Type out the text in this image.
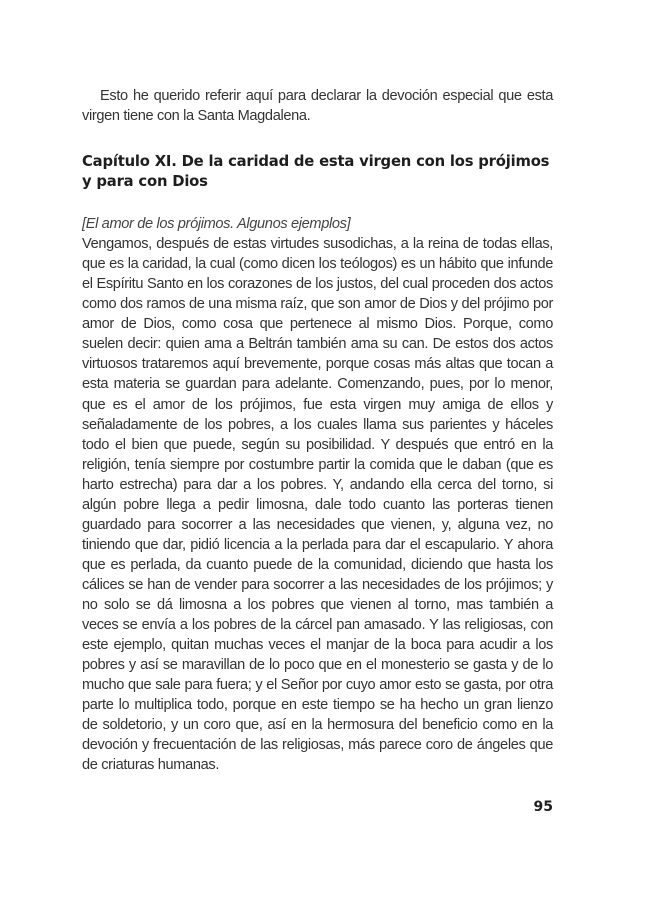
Esto he querido referir aquí para declarar la devoción especial que esta virgen tiene con la Santa Magdalena.

Capítulo XI. De la caridad de esta virgen con los prójimos y para con Dios

[El amor de los prójimos. Algunos ejemplos]

Vengamos, después de estas virtudes susodichas, a la reina de todas ellas, que es la caridad, la cual (como dicen los teólogos) es un hábito que infunde el Espíritu Santo en los corazones de los justos, del cual proceden dos actos como dos ramos de una misma raíz, que son amor de Dios y del prójimo por amor de Dios, como cosa que pertenece al mismo Dios. Porque, como suelen decir: quien ama a Beltrán también ama su can. De estos dos actos virtuosos trataremos aquí brevemente, porque cosas más altas que tocan a esta materia se guardan para adelante. Comenzando, pues, por lo menor, que es el amor de los prójimos, fue esta virgen muy amiga de ellos y señaladamente de los pobres, a los cuales llama sus parientes y háceles todo el bien que puede, según su posibilidad. Y después que entró en la religión, tenía siempre por costumbre partir la comida que le daban (que es harto estrecha) para dar a los pobres. Y, andando ella cerca del torno, si algún pobre llega a pedir limosna, dale todo cuanto las porteras tienen guardado para socorrer a las necesidades que vienen, y, alguna vez, no tiniendo que dar, pidió licencia a la perlada para dar el escapulario. Y ahora que es perlada, da cuanto puede de la comunidad, diciendo que hasta los cálices se han de vender para socorrer a las necesidades de los prójimos; y no solo se dá limosna a los pobres que vienen al torno, mas también a veces se envía a los pobres de la cárcel pan amasado. Y las religiosas, con este ejemplo, quitan muchas veces el manjar de la boca para acudir a los pobres y así se maravillan de lo poco que en el monesterio se gasta y de lo mucho que sale para fuera; y el Señor por cuyo amor esto se gasta, por otra parte lo multiplica todo, porque en este tiempo se ha hecho un gran lienzo de soldetorio, y un coro que, así en la hermosura del beneficio como en la devoción y frecuentación de las religiosas, más parece coro de ángeles que de criaturas humanas.

95
